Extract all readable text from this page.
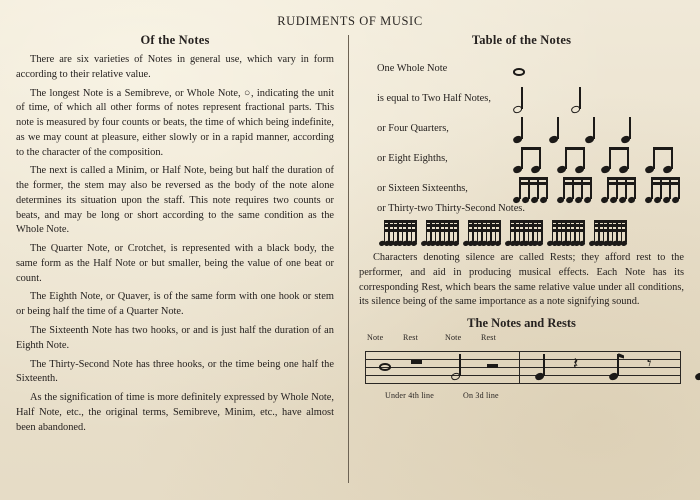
RUDIMENTS OF MUSIC
Of the Notes

There are six varieties of Notes in general use, which vary in form according to their relative value.

The longest Note is a Semibreve, or Whole Note, ○, indicating the unit of time, of which all other forms of notes represent fractional parts. This note is measured by four counts or beats, the time of which being indefinite, as we may count at pleasure, either slowly or in a rapid manner, according to the character of the composition.

The next is called a Minim, or Half Note, being but half the duration of the former, the stem may also be reversed as the body of the note alone determines its situation upon the staff. This note requires two counts or beats, and may be long or short according to the same condition as the Whole Note.

The Quarter Note, or Crotchet, is represented with a black body, the same form as the Half Note or but smaller, being the value of one beat or count.

The Eighth Note, or Quaver, is of the same form with one hook or stem or being half the time of a Quarter Note.

The Sixteenth Note has two hooks, or and is just half the duration of an Eighth Note.

The Thirty-Second Note has three hooks, or the time being one half the Sixteenth.

As the signification of time is more definitely expressed by Whole Note, Half Note, etc., the original terms, Semibreve, Minim, etc., have almost been abandoned.

Table of the Notes
One Whole Note
is equal to Two Half Notes,
or Four Quarters,
or Eight Eighths,
or Sixteen Sixteenths,
or Thirty-two Thirty-Second Notes.

Characters denoting silence are called Rests; they afford rest to the performer, and aid in producing musical effects. Each Note has its corresponding Rest, which bears the same relative value under all conditions, its silence being of the same importance as a note signifying sound.

The Notes and Rests
Note Rest	Note Rest
𝄽	𝄾
Under 4th line	On 3d line
